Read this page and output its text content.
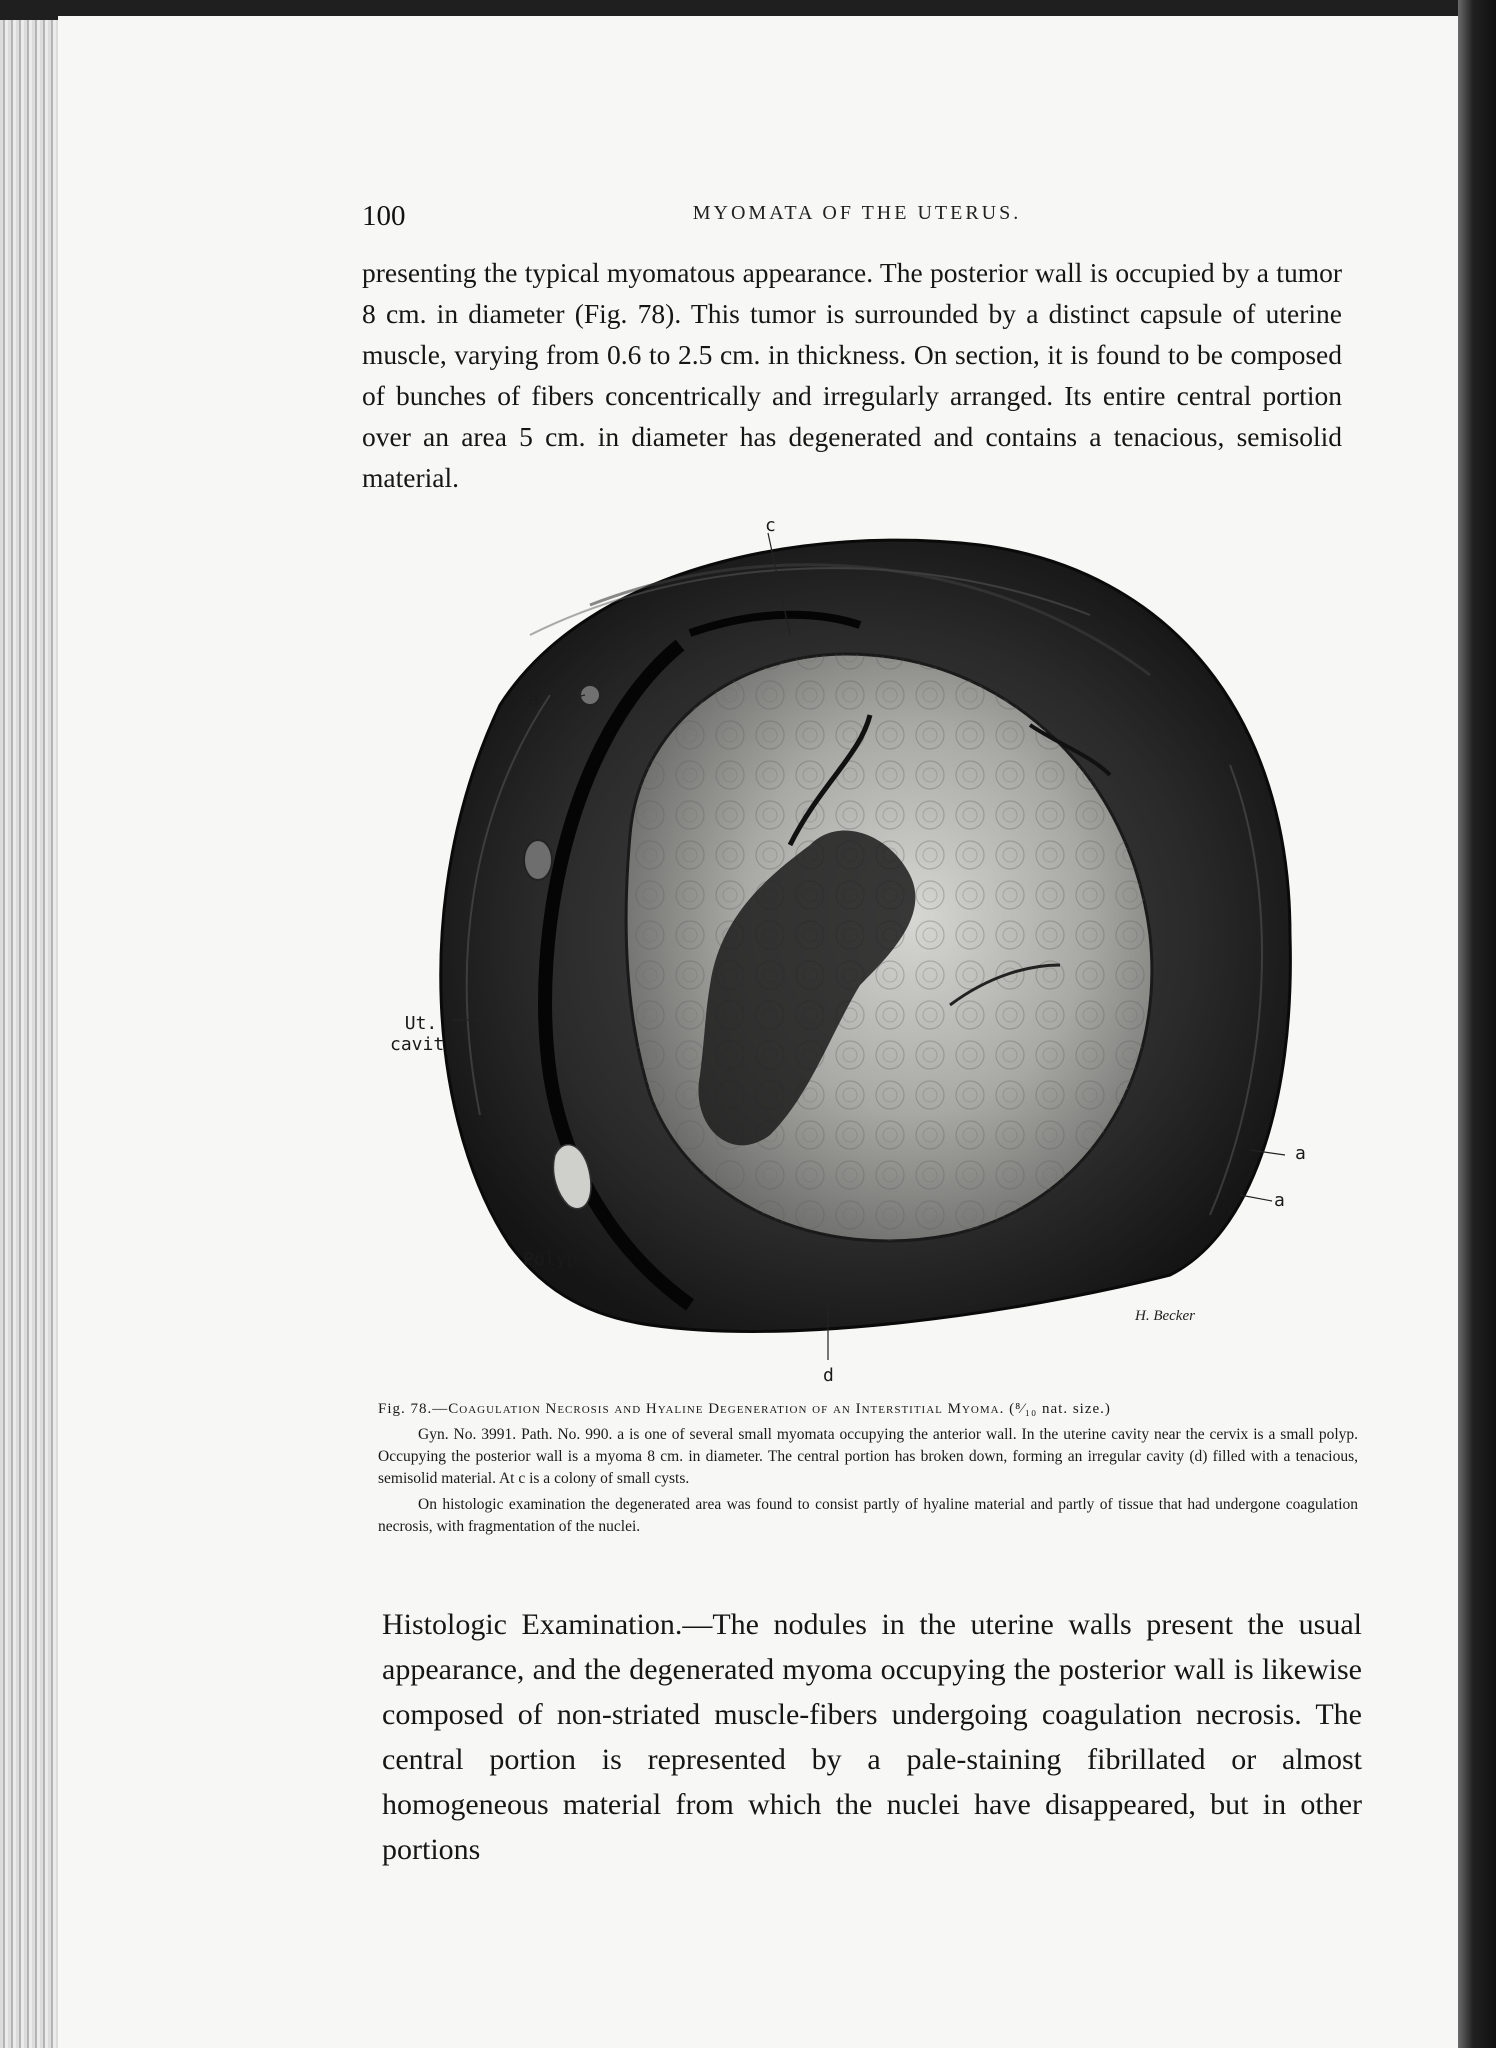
100	MYOMATA OF THE UTERUS.

presenting the typical myomatous appearance. The posterior wall is occupied by a tumor 8 cm. in diameter (Fig. 78). This tumor is surrounded by a distinct capsule of uterine muscle, varying from 0.6 to 2.5 cm. in thickness. On section, it is found to be composed of bunches of fibers concentrically and irregularly arranged. Its entire central portion over an area 5 cm. in diameter has degenerated and contains a tenacious, semisolid material.

c
a
Ut.
cavity
a
a
Polyp
d
H. Becker

Fig. 78.—Coagulation Necrosis and Hyaline Degeneration of an Interstitial Myoma. (⁸⁄₁₀ nat. size.)

Gyn. No. 3991. Path. No. 990. a is one of several small myomata occupying the anterior wall. In the uterine cavity near the cervix is a small polyp. Occupying the posterior wall is a myoma 8 cm. in diameter. The central portion has broken down, forming an irregular cavity (d) filled with a tenacious, semisolid material. At c is a colony of small cysts.

On histologic examination the degenerated area was found to consist partly of hyaline material and partly of tissue that had undergone coagulation necrosis, with fragmentation of the nuclei.

Histologic Examination.—The nodules in the uterine walls present the usual appearance, and the degenerated myoma occupying the posterior wall is likewise composed of non-striated muscle-fibers undergoing coagulation necrosis. The central portion is represented by a pale-staining fibrillated or almost homogeneous material from which the nuclei have disappeared, but in other portions
